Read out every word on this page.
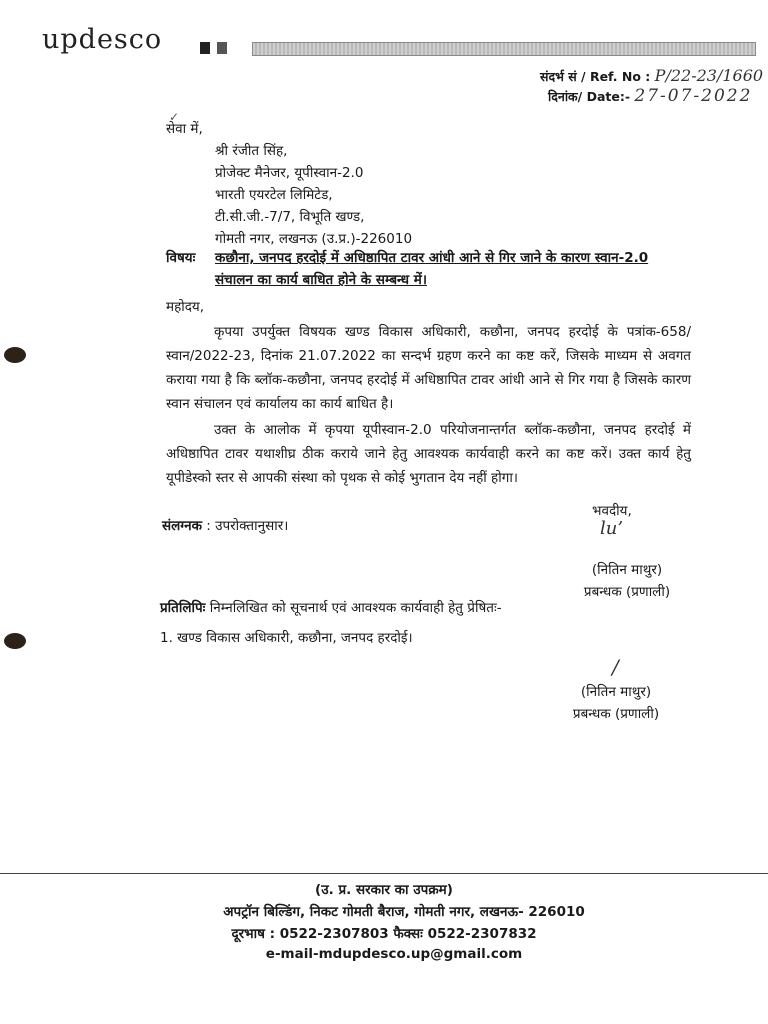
updesco
संदर्भ सं / Ref. No : P/22-23/1660
दिनांक/ Date:- 27-07-2022
✓
सेवा में,
श्री रंजीत सिंह,
प्रोजेक्ट मैनेजर, यूपीस्वान-2.0
भारती एयरटेल लिमिटेड,
टी.सी.जी.-7/7, विभूति खण्ड,
गोमती नगर, लखनऊ (उ.प्र.)-226010
विषयः कछौना, जनपद हरदोई में अधिष्ठापित टावर आंधी आने से गिर जाने के कारण स्वान-2.0
संचालन का कार्य बाधित होने के सम्बन्ध में।
महोदय,
कृपया उपर्युक्त विषयक खण्ड विकास अधिकारी, कछौना, जनपद हरदोई के पत्रांक-658/स्वान/2022-23, दिनांक 21.07.2022 का सन्दर्भ ग्रहण करने का कष्ट करें, जिसके माध्यम से अवगत कराया गया है कि ब्लॉक-कछौना, जनपद हरदोई में अधिष्ठापित टावर आंधी आने से गिर गया है जिसके कारण स्वान संचालन एवं कार्यालय का कार्य बाधित है।
उक्त के आलोक में कृपया यूपीस्वान-2.0 परियोजनान्तर्गत ब्लॉक-कछौना, जनपद हरदोई में अधिष्ठापित टावर यथाशीघ्र ठीक कराये जाने हेतु आवश्यक कार्यवाही करने का कष्ट करें। उक्त कार्य हेतु यूपीडेस्को स्तर से आपकी संस्था को पृथक से कोई भुगतान देय नहीं होगा।
भवदीय,
संलग्नक : उपरोक्तानुसार।	lu’
(नितिन माथुर)
प्रबन्धक (प्रणाली)
प्रतिलिपिः निम्नलिखित को सूचनार्थ एवं आवश्यक कार्यवाही हेतु प्रेषितः-
1. खण्ड विकास अधिकारी, कछौना, जनपद हरदोई।
/
(नितिन माथुर)
प्रबन्धक (प्रणाली)
(उ. प्र. सरकार का उपक्रम)
अपट्रॉन बिल्डिंग, निकट गोमती बैराज, गोमती नगर, लखनऊ- 226010
दूरभाष : 0522-2307803 फैक्सः 0522-2307832
e-mail-mdupdesco.up@gmail.com
